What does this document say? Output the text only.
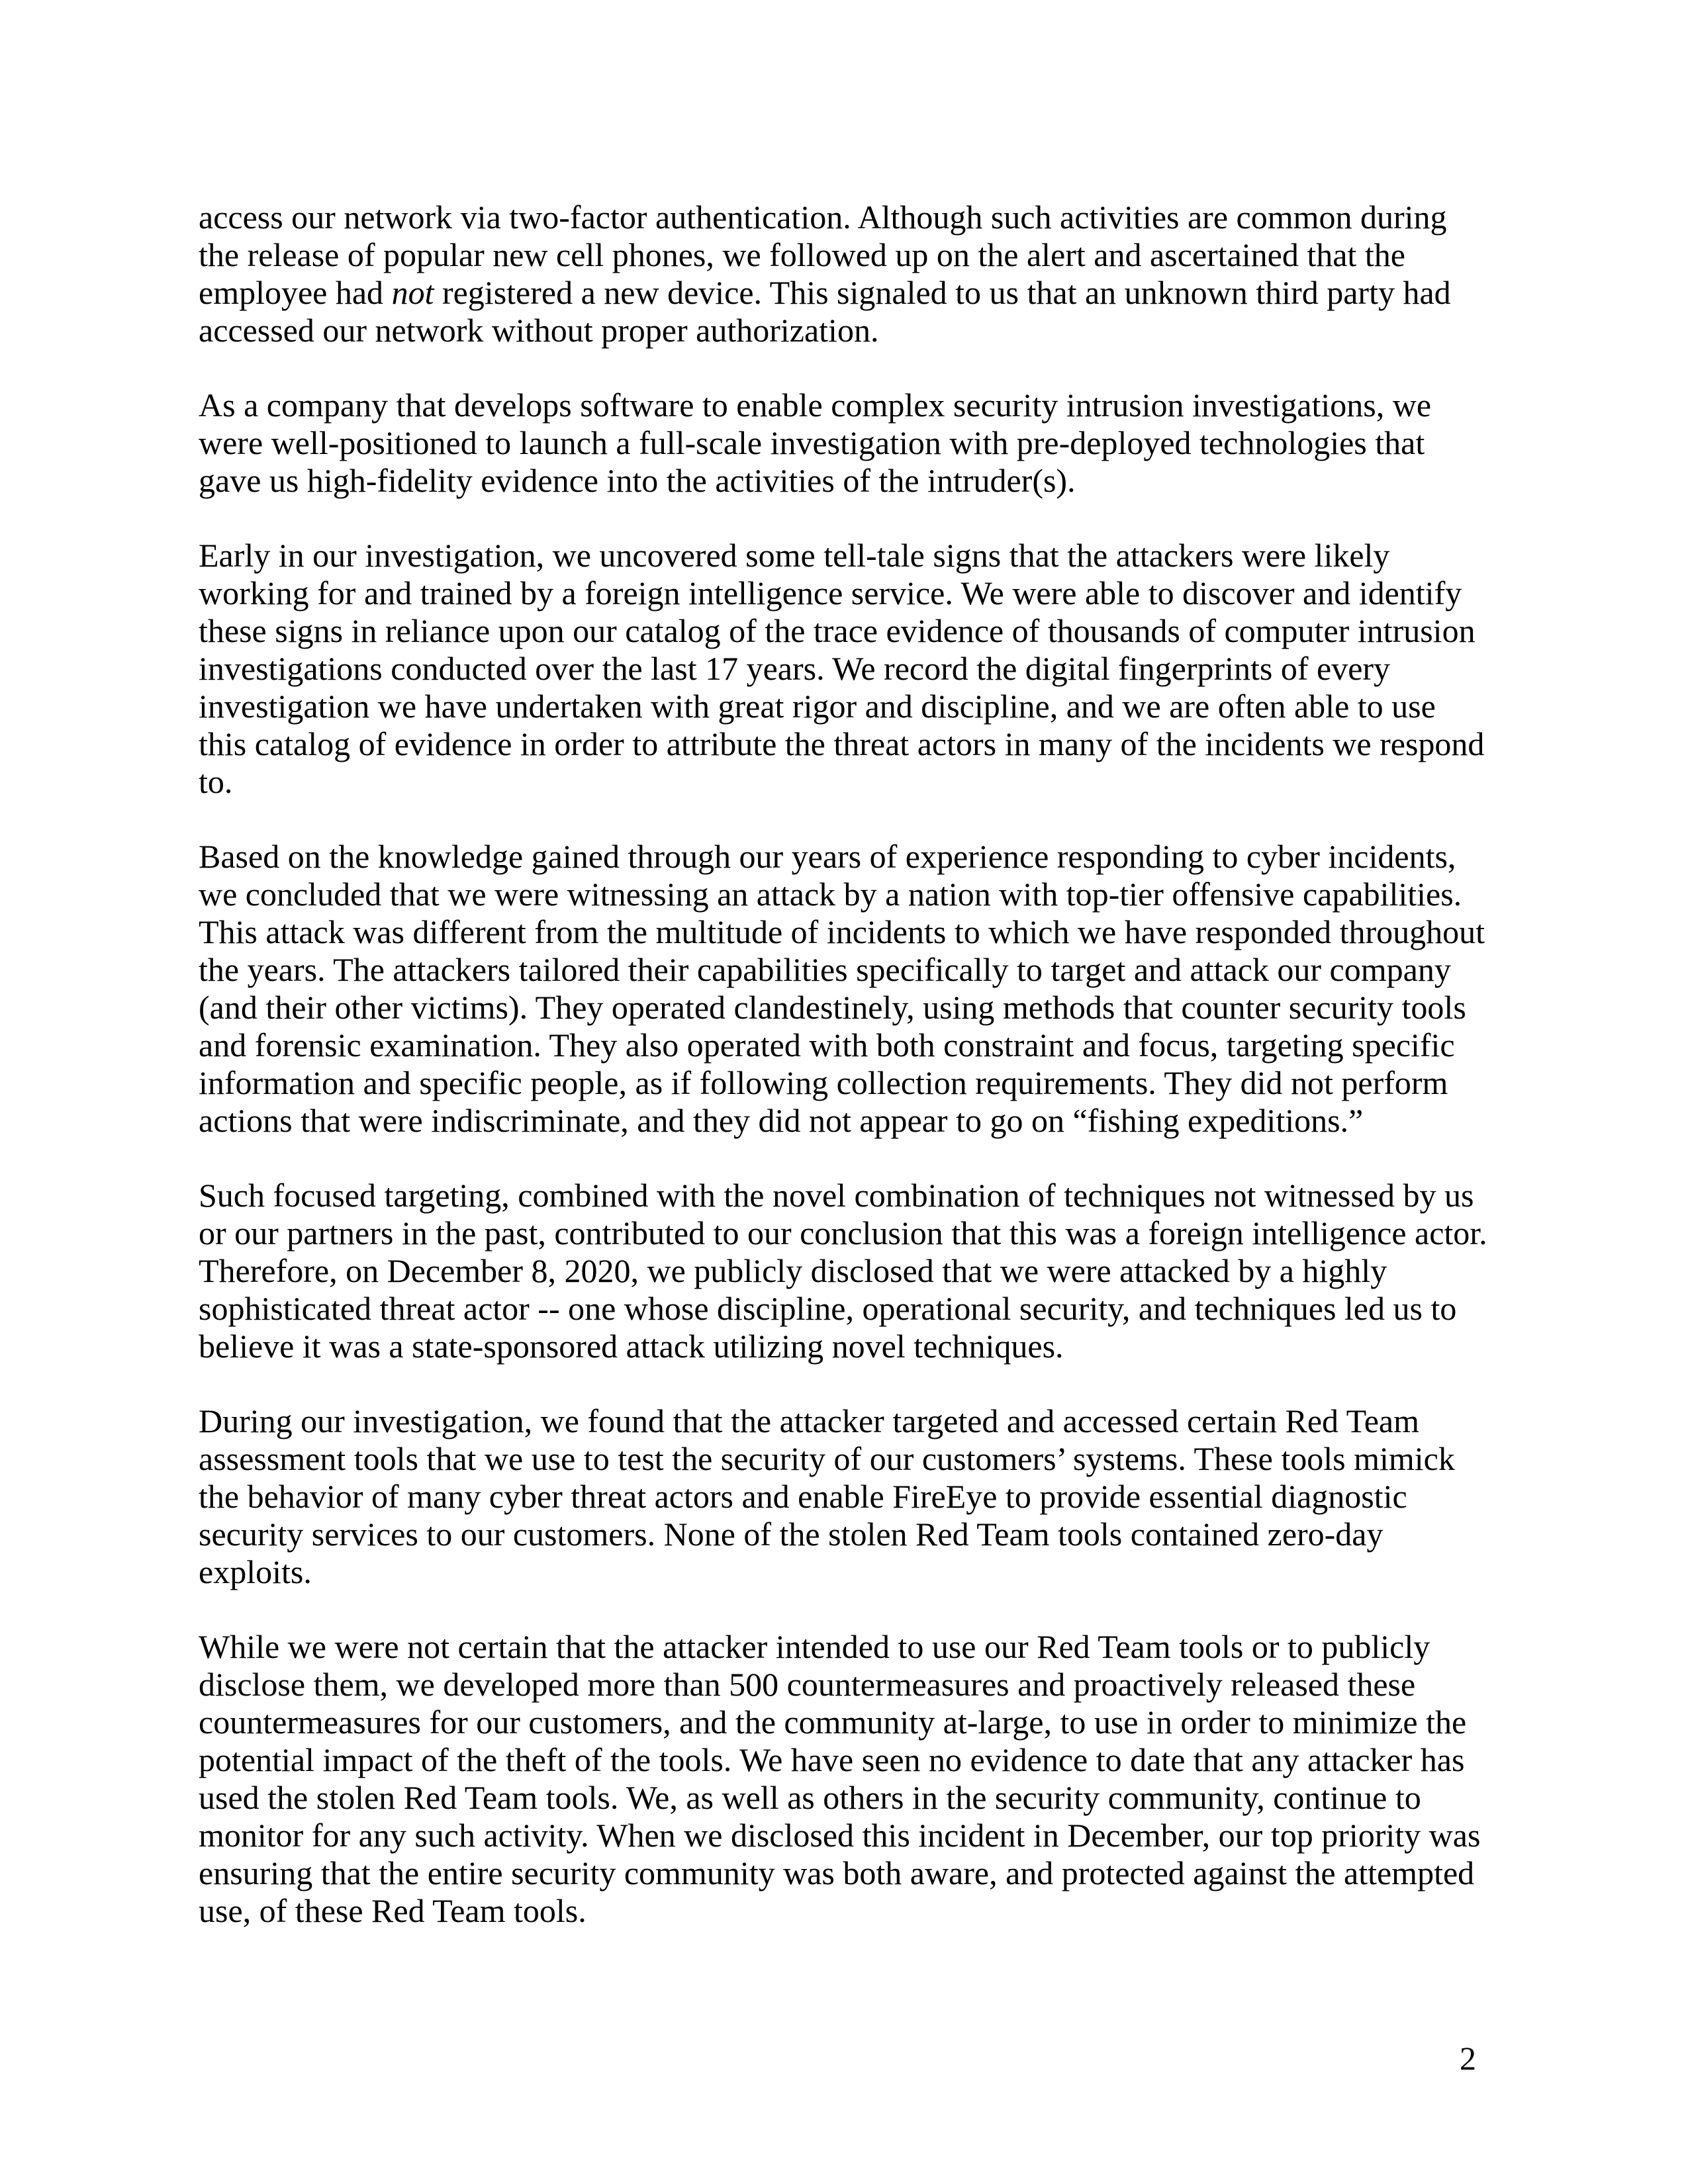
access our network via two-factor authentication. Although such activities are common during
the release of popular new cell phones, we followed up on the alert and ascertained that the
employee had not registered a new device. This signaled to us that an unknown third party had
accessed our network without proper authorization.

As a company that develops software to enable complex security intrusion investigations, we
were well-positioned to launch a full-scale investigation with pre-deployed technologies that
gave us high-fidelity evidence into the activities of the intruder(s).

Early in our investigation, we uncovered some tell-tale signs that the attackers were likely
working for and trained by a foreign intelligence service. We were able to discover and identify
these signs in reliance upon our catalog of the trace evidence of thousands of computer intrusion
investigations conducted over the last 17 years. We record the digital fingerprints of every
investigation we have undertaken with great rigor and discipline, and we are often able to use
this catalog of evidence in order to attribute the threat actors in many of the incidents we respond
to.

Based on the knowledge gained through our years of experience responding to cyber incidents,
we concluded that we were witnessing an attack by a nation with top-tier offensive capabilities.
This attack was different from the multitude of incidents to which we have responded throughout
the years. The attackers tailored their capabilities specifically to target and attack our company
(and their other victims). They operated clandestinely, using methods that counter security tools
and forensic examination. They also operated with both constraint and focus, targeting specific
information and specific people, as if following collection requirements. They did not perform
actions that were indiscriminate, and they did not appear to go on “fishing expeditions.”

Such focused targeting, combined with the novel combination of techniques not witnessed by us
or our partners in the past, contributed to our conclusion that this was a foreign intelligence actor.
Therefore, on December 8, 2020, we publicly disclosed that we were attacked by a highly
sophisticated threat actor -- one whose discipline, operational security, and techniques led us to
believe it was a state-sponsored attack utilizing novel techniques.

During our investigation, we found that the attacker targeted and accessed certain Red Team
assessment tools that we use to test the security of our customers’ systems. These tools mimick
the behavior of many cyber threat actors and enable FireEye to provide essential diagnostic
security services to our customers. None of the stolen Red Team tools contained zero-day
exploits.

While we were not certain that the attacker intended to use our Red Team tools or to publicly
disclose them, we developed more than 500 countermeasures and proactively released these
countermeasures for our customers, and the community at-large, to use in order to minimize the
potential impact of the theft of the tools. We have seen no evidence to date that any attacker has
used the stolen Red Team tools. We, as well as others in the security community, continue to
monitor for any such activity. When we disclosed this incident in December, our top priority was
ensuring that the entire security community was both aware, and protected against the attempted
use, of these Red Team tools.

2
